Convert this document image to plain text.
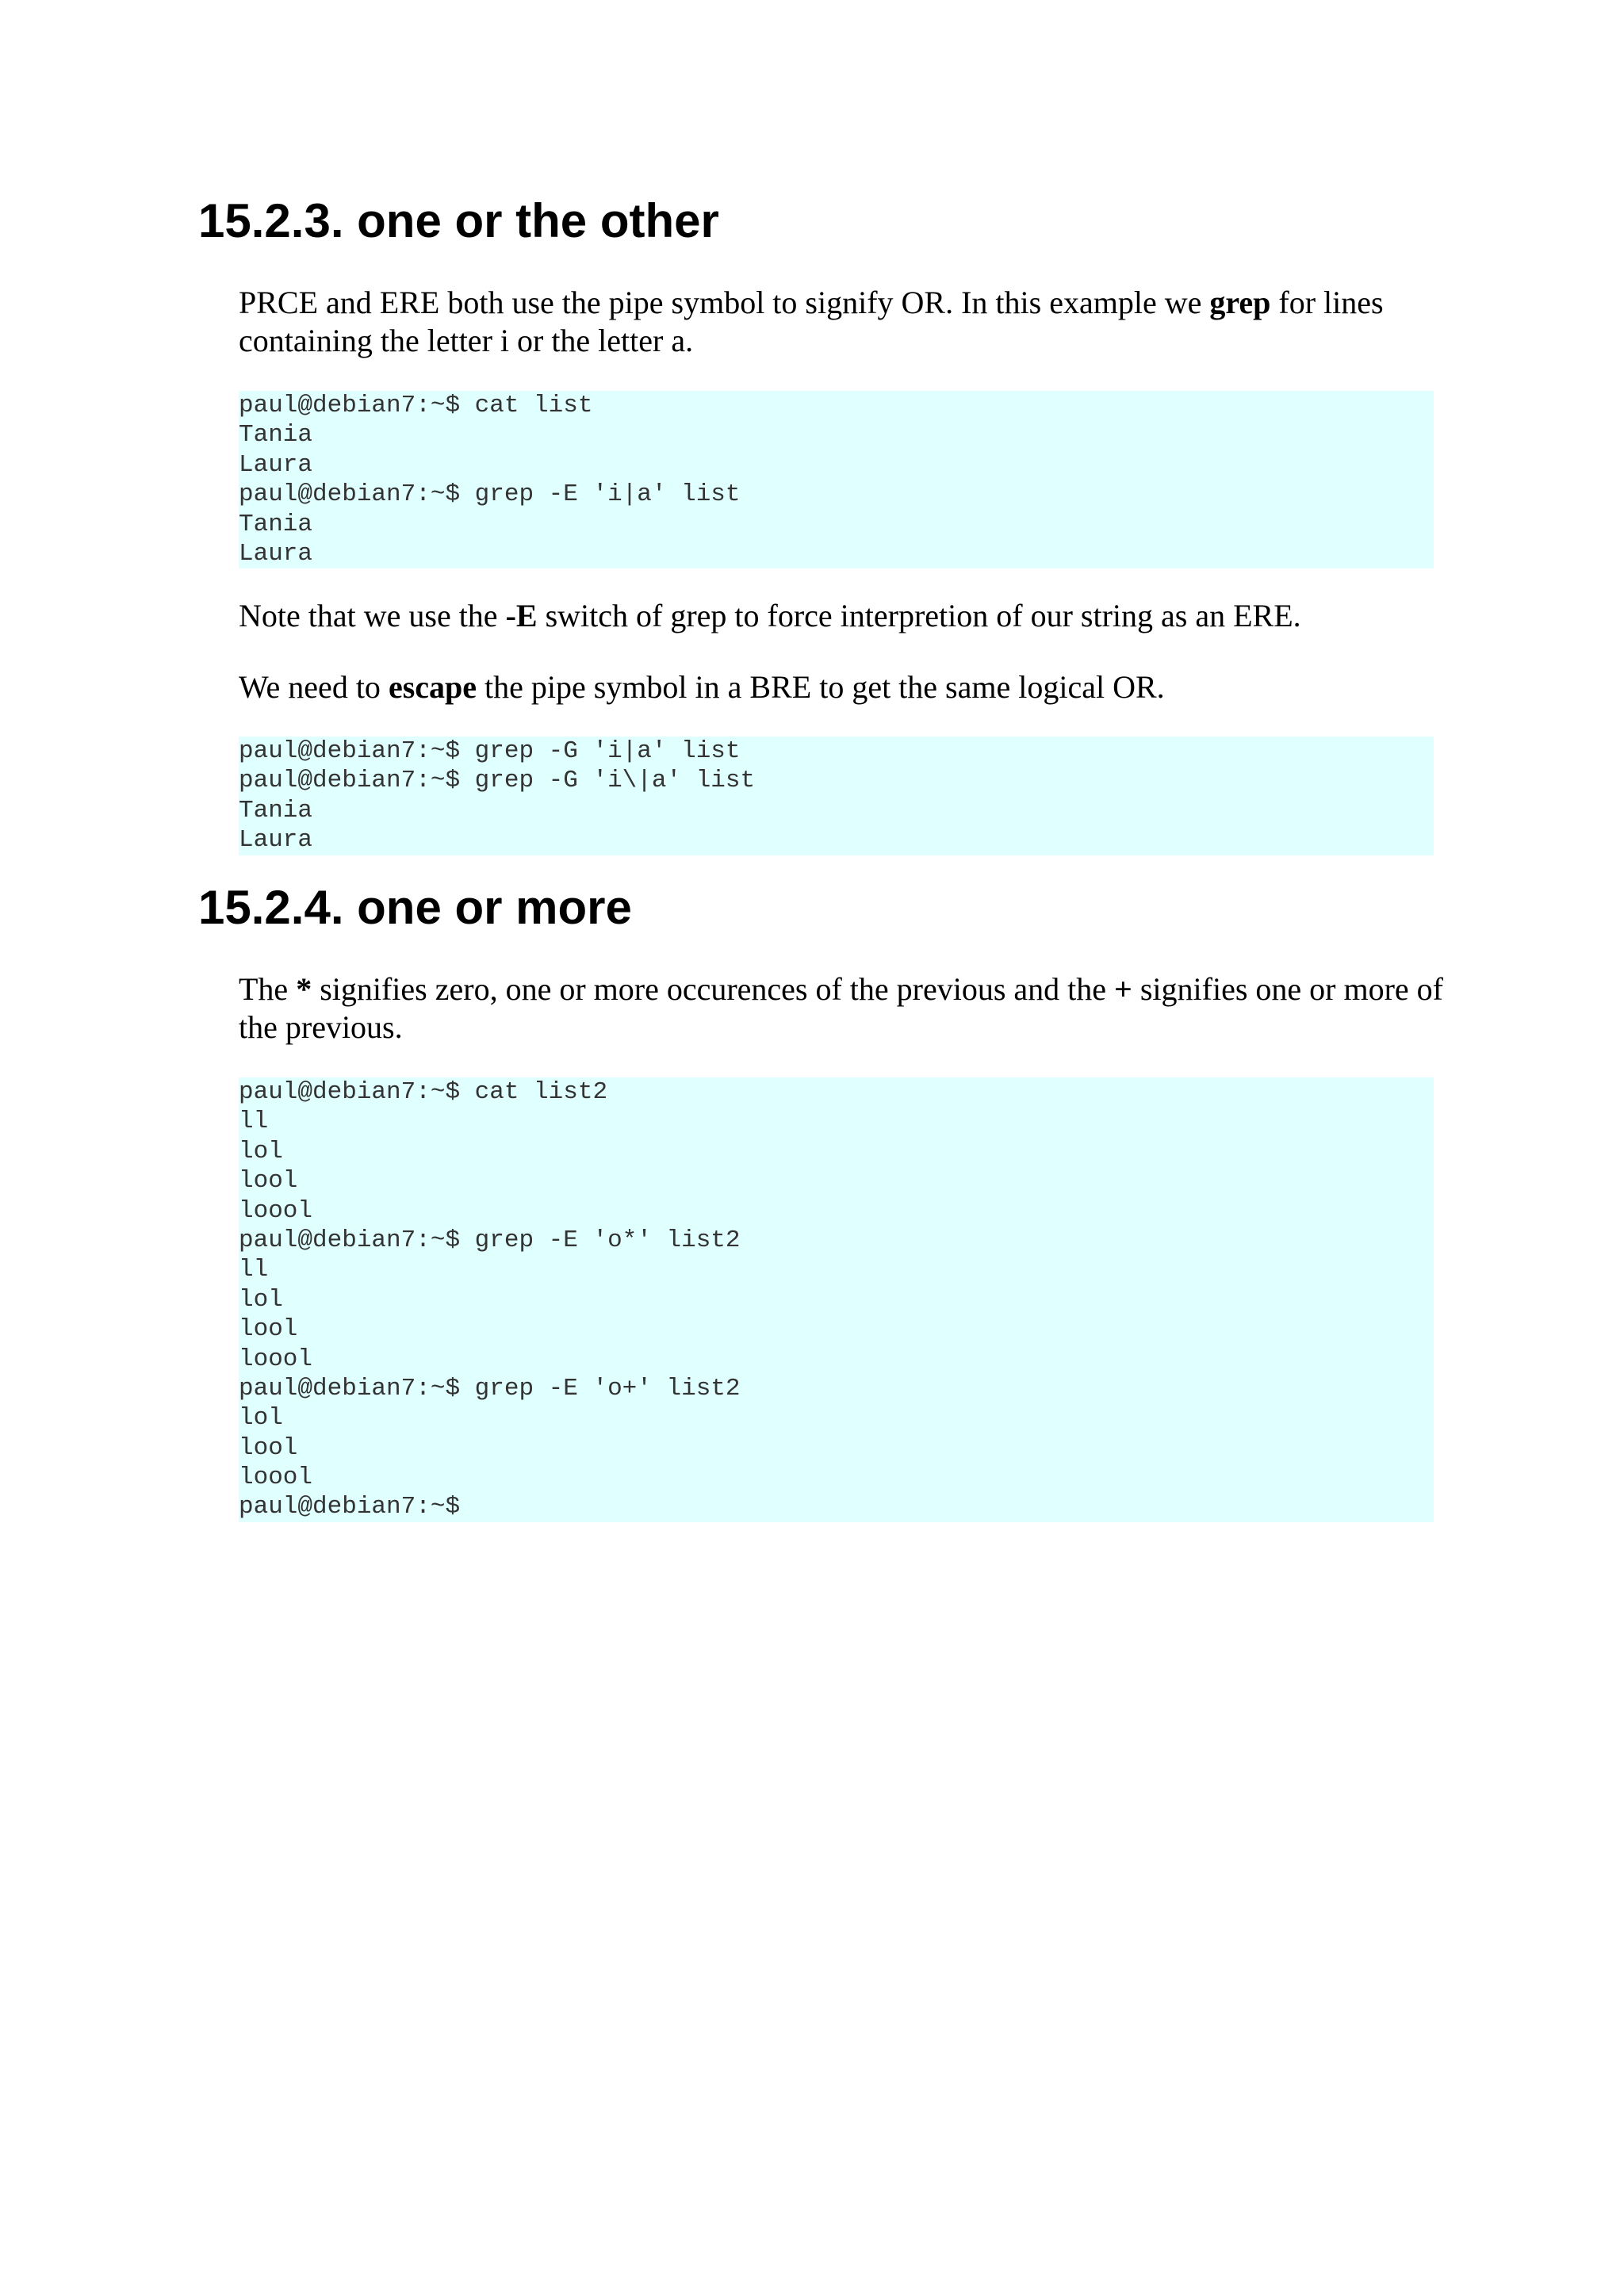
15.2.3. one or the other

PRCE and ERE both use the pipe symbol to signify OR. In this example we grep for lines containing the letter i or the letter a.

paul@debian7:~$ cat list
Tania
Laura
paul@debian7:~$ grep -E 'i|a' list
Tania
Laura

Note that we use the -E switch of grep to force interpretion of our string as an ERE.

We need to escape the pipe symbol in a BRE to get the same logical OR.

paul@debian7:~$ grep -G 'i|a' list
paul@debian7:~$ grep -G 'i\|a' list
Tania
Laura
15.2.4. one or more

The * signifies zero, one or more occurences of the previous and the + signifies one or more of the previous.

paul@debian7:~$ cat list2
ll
lol
lool
loool
paul@debian7:~$ grep -E 'o*' list2
ll
lol
lool
loool
paul@debian7:~$ grep -E 'o+' list2
lol
lool
loool
paul@debian7:~$
